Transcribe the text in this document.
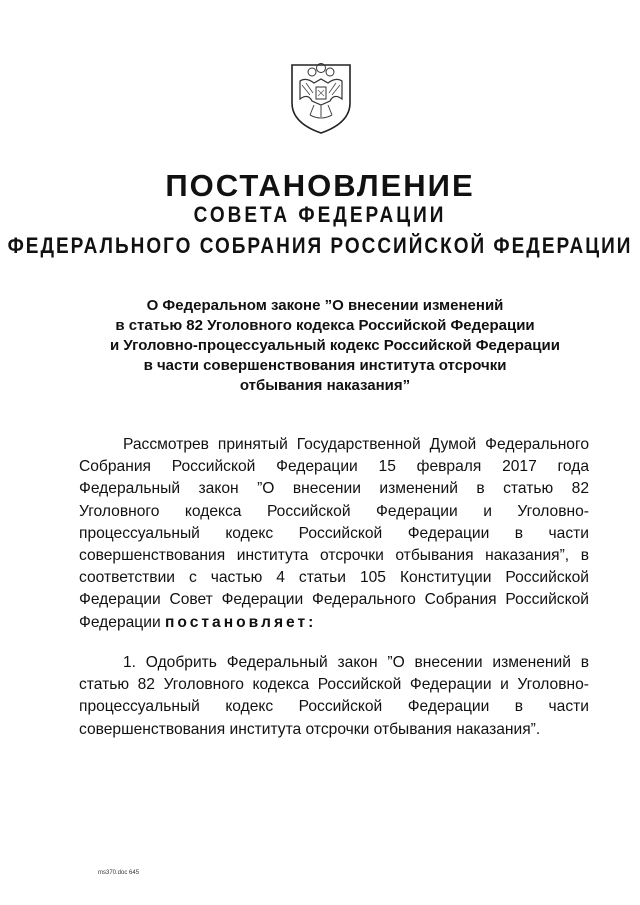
ПОСТАНОВЛЕНИЕ
СОВЕТА ФЕДЕРАЦИИ
ФЕДЕРАЛЬНОГО СОБРАНИЯ РОССИЙСКОЙ ФЕДЕРАЦИИ
О Федеральном законе ”О внесении изменений
в статью 82 Уголовного кодекса Российской Федерации
и Уголовно-процессуальный кодекс Российской Федерации
в части совершенствования института отсрочки
отбывания наказания”
Рассмотрев принятый Государственной Думой Федерального
Собрания Российской Федерации 15 февраля 2017 года
Федеральный закон ”О внесении изменений в статью 82
Уголовного кодекса Российской Федерации и Уголовно-
процессуальный кодекс Российской Федерации в части
совершенствования института отсрочки отбывания наказания”, в
соответствии с частью 4 статьи 105 Конституции Российской
Федерации Совет Федерации Федерального Собрания Российской
Федерации постановляет:
1. Одобрить Федеральный закон ”О внесении изменений в
статью 82 Уголовного кодекса Российской Федерации и Уголовно-
процессуальный кодекс Российской Федерации в части
совершенствования института отсрочки отбывания наказания”.
ms370.doc 645
